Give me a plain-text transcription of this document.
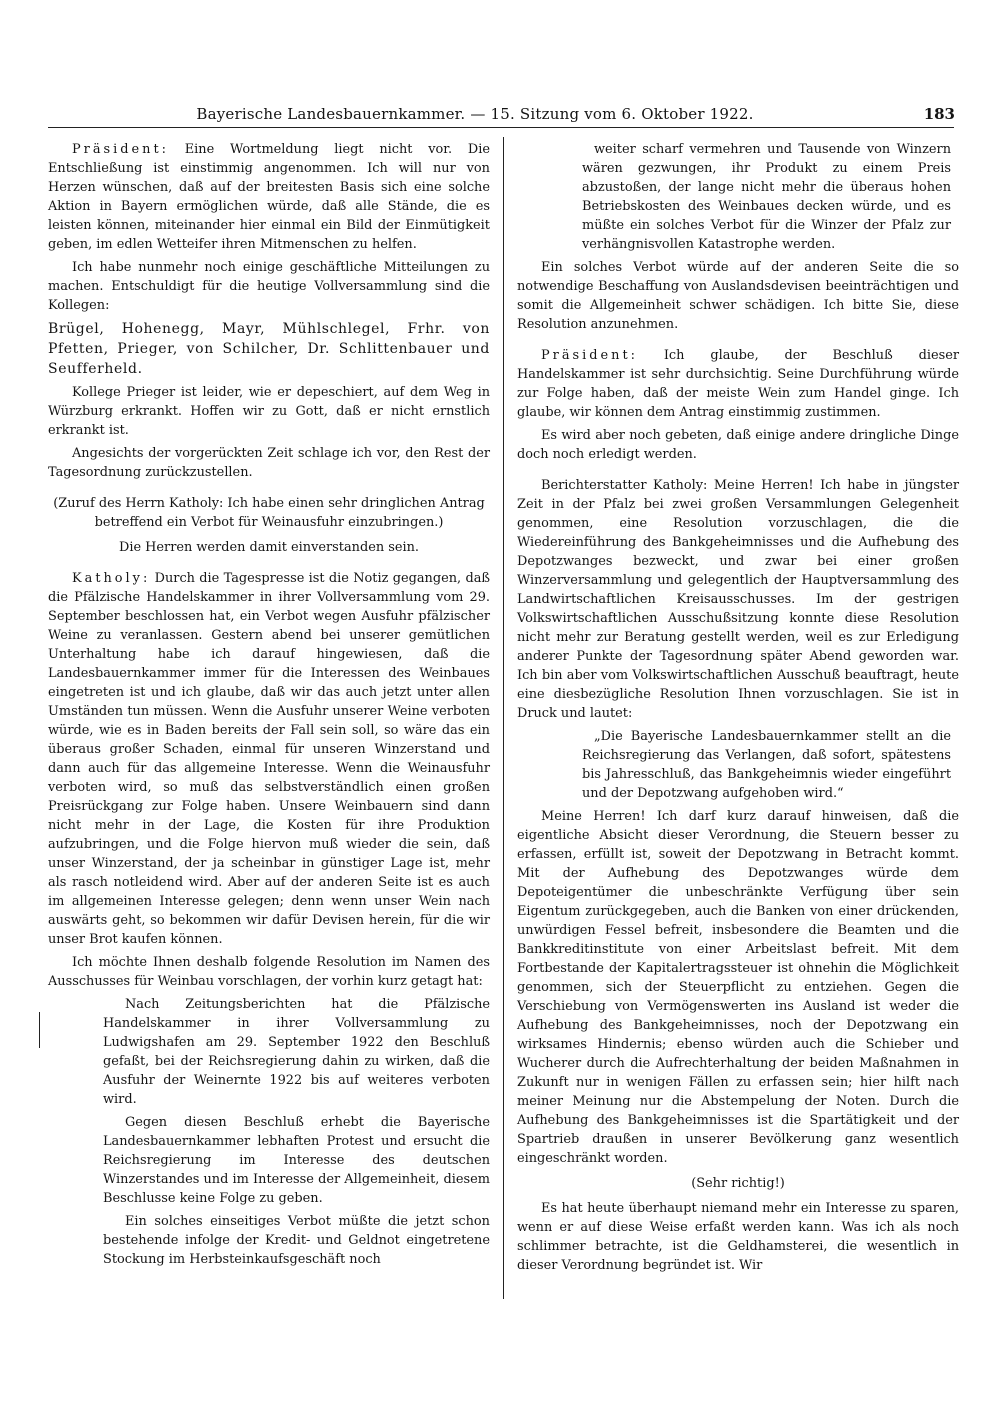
Bayerische Landesbauernkammer. — 15. Sitzung vom 6. Oktober 1922.	183

Präsident: Eine Wortmeldung liegt nicht vor. Die Entschließung ist einstimmig angenommen. Ich will nur von Herzen wünschen, daß auf der breitesten Basis sich eine solche Aktion in Bayern ermöglichen würde, daß alle Stände, die es leisten können, miteinander hier einmal ein Bild der Einmütigkeit geben, im edlen Wetteifer ihren Mitmenschen zu helfen.

Ich habe nunmehr noch einige geschäftliche Mitteilungen zu machen. Entschuldigt für die heutige Vollversammlung sind die Kollegen:

Brügel, Hohenegg, Mayr, Mühlschlegel, Frhr. von Pfetten, Prieger, von Schilcher, Dr. Schlittenbauer und Seufferheld.

Kollege Prieger ist leider, wie er depeschiert, auf dem Weg in Würzburg erkrankt. Hoffen wir zu Gott, daß er nicht ernstlich erkrankt ist.

Angesichts der vorgerückten Zeit schlage ich vor, den Rest der Tagesordnung zurückzustellen.

(Zuruf des Herrn Katholy: Ich habe einen sehr dringlichen Antrag betreffend ein Verbot für Weinausfuhr einzubringen.)

Die Herren werden damit einverstanden sein.

Katholy: Durch die Tagespresse ist die Notiz gegangen, daß die Pfälzische Handelskammer in ihrer Vollversammlung vom 29. September beschlossen hat, ein Verbot wegen Ausfuhr pfälzischer Weine zu veranlassen. Gestern abend bei unserer gemütlichen Unterhaltung habe ich darauf hingewiesen, daß die Landesbauernkammer immer für die Interessen des Weinbaues eingetreten ist und ich glaube, daß wir das auch jetzt unter allen Umständen tun müssen. Wenn die Ausfuhr unserer Weine verboten würde, wie es in Baden bereits der Fall sein soll, so wäre das ein überaus großer Schaden, einmal für unseren Winzerstand und dann auch für das allgemeine Interesse. Wenn die Weinausfuhr verboten wird, so muß das selbstverständlich einen großen Preisrückgang zur Folge haben. Unsere Weinbauern sind dann nicht mehr in der Lage, die Kosten für ihre Produktion aufzubringen, und die Folge hiervon muß wieder die sein, daß unser Winzerstand, der ja scheinbar in günstiger Lage ist, mehr als rasch notleidend wird. Aber auf der anderen Seite ist es auch im allgemeinen Interesse gelegen; denn wenn unser Wein nach auswärts geht, so bekommen wir dafür Devisen herein, für die wir unser Brot kaufen können.

Ich möchte Ihnen deshalb folgende Resolution im Namen des Ausschusses für Weinbau vorschlagen, der vorhin kurz getagt hat:

Nach Zeitungsberichten hat die Pfälzische Handelskammer in ihrer Vollversammlung zu Ludwigshafen am 29. September 1922 den Beschluß gefaßt, bei der Reichsregierung dahin zu wirken, daß die Ausfuhr der Weinernte 1922 bis auf weiteres verboten wird.

Gegen diesen Beschluß erhebt die Bayerische Landesbauernkammer lebhaften Protest und ersucht die Reichsregierung im Interesse des deutschen Winzerstandes und im Interesse der Allgemeinheit, diesem Beschlusse keine Folge zu geben.

Ein solches einseitiges Verbot müßte die jetzt schon bestehende infolge der Kredit- und Geldnot eingetretene Stockung im Herbsteinkaufsgeschäft noch

weiter scharf vermehren und Tausende von Winzern wären gezwungen, ihr Produkt zu einem Preis abzustoßen, der lange nicht mehr die überaus hohen Betriebskosten des Weinbaues decken würde, und es müßte ein solches Verbot für die Winzer der Pfalz zur verhängnisvollen Katastrophe werden.

Ein solches Verbot würde auf der anderen Seite die so notwendige Beschaffung von Auslandsdevisen beeinträchtigen und somit die Allgemeinheit schwer schädigen. Ich bitte Sie, diese Resolution anzunehmen.

Präsident: Ich glaube, der Beschluß dieser Handelskammer ist sehr durchsichtig. Seine Durchführung würde zur Folge haben, daß der meiste Wein zum Handel ginge. Ich glaube, wir können dem Antrag einstimmig zustimmen.

Es wird aber noch gebeten, daß einige andere dringliche Dinge doch noch erledigt werden.

Berichterstatter Katholy: Meine Herren! Ich habe in jüngster Zeit in der Pfalz bei zwei großen Versammlungen Gelegenheit genommen, eine Resolution vorzuschlagen, die die Wiedereinführung des Bankgeheimnisses und die Aufhebung des Depotzwanges bezweckt, und zwar bei einer großen Winzerversammlung und gelegentlich der Hauptversammlung des Landwirtschaftlichen Kreisausschusses. Im der gestrigen Volkswirtschaftlichen Ausschußsitzung konnte diese Resolution nicht mehr zur Beratung gestellt werden, weil es zur Erledigung anderer Punkte der Tagesordnung später Abend geworden war. Ich bin aber vom Volkswirtschaftlichen Ausschuß beauftragt, heute eine diesbezügliche Resolution Ihnen vorzuschlagen. Sie ist in Druck und lautet:

„Die Bayerische Landesbauernkammer stellt an die Reichsregierung das Verlangen, daß sofort, spätestens bis Jahresschluß, das Bankgeheimnis wieder eingeführt und der Depotzwang aufgehoben wird.“

Meine Herren! Ich darf kurz darauf hinweisen, daß die eigentliche Absicht dieser Verordnung, die Steuern besser zu erfassen, erfüllt ist, soweit der Depotzwang in Betracht kommt. Mit der Aufhebung des Depotzwanges würde dem Depoteigentümer die unbeschränkte Verfügung über sein Eigentum zurückgegeben, auch die Banken von einer drückenden, unwürdigen Fessel befreit, insbesondere die Beamten und die Bankkreditinstitute von einer Arbeitslast befreit. Mit dem Fortbestande der Kapitalertragssteuer ist ohnehin die Möglichkeit genommen, sich der Steuerpflicht zu entziehen. Gegen die Verschiebung von Vermögenswerten ins Ausland ist weder die Aufhebung des Bankgeheimnisses, noch der Depotzwang ein wirksames Hindernis; ebenso würden auch die Schieber und Wucherer durch die Aufrechterhaltung der beiden Maßnahmen in Zukunft nur in wenigen Fällen zu erfassen sein; hier hilft nach meiner Meinung nur die Abstempelung der Noten. Durch die Aufhebung des Bankgeheimnisses ist die Spartätigkeit und der Spartrieb draußen in unserer Bevölkerung ganz wesentlich eingeschränkt worden.

(Sehr richtig!)

Es hat heute überhaupt niemand mehr ein Interesse zu sparen, wenn er auf diese Weise erfaßt werden kann. Was ich als noch schlimmer betrachte, ist die Geldhamsterei, die wesentlich in dieser Verordnung begründet ist. Wir
